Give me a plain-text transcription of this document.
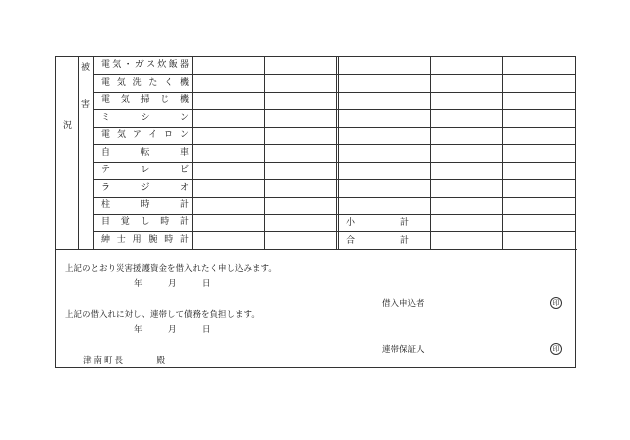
況
被
害
電気・ガス炊飯器
電気洗たく機
電気掃じ機
ミシン
電気アイロン
自転車
テレビ
ラジオ
柱時計
目覚し時計
紳士用腕時計
小　　　　　計
合　　　　　計
上記のとおり災害援護資金を借入れたく申し込みます。
年　　　月　　　日
借入申込者	印
上記の借入れに対し、連帯して債務を負担します。
年　　　月　　　日
連帯保証人	印
津南町長　　　殿
